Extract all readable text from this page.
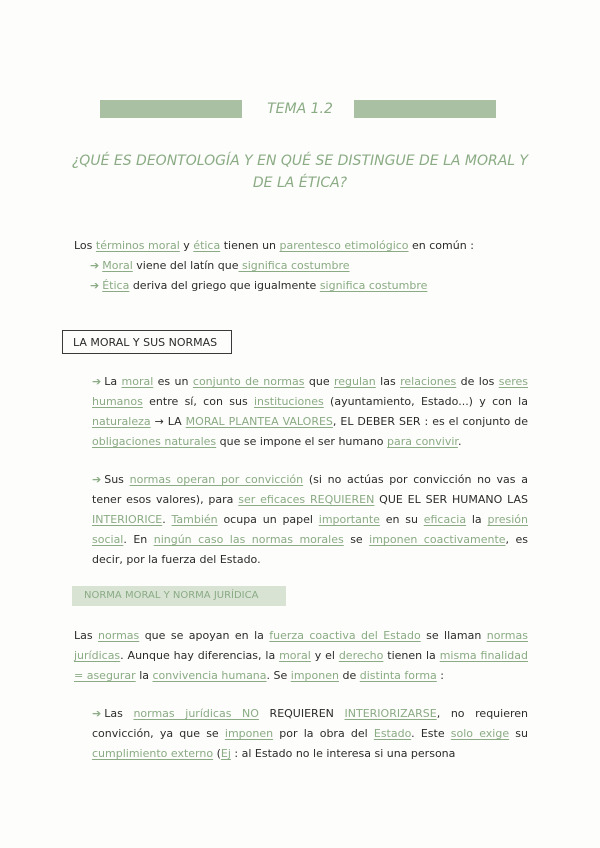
TEMA 1.2
¿QUÉ ES DEONTOLOGÍA Y EN QUÉ SE DISTINGUE DE LA MORAL Y DE LA ÉTICA?
Los términos moral y ética tienen un parentesco etimológico en común :
➔ Moral viene del latín que significa costumbre
➔ Ética deriva del griego que igualmente significa costumbre
LA MORAL Y SUS NORMAS
➔ La moral es un conjunto de normas que regulan las relaciones de los seres humanos entre sí, con sus instituciones (ayuntamiento, Estado...) y con la naturaleza → LA MORAL PLANTEA VALORES, EL DEBER SER : es el conjunto de obligaciones naturales que se impone el ser humano para convivir.
➔ Sus normas operan por convicción (si no actúas por convicción no vas a tener esos valores), para ser eficaces REQUIEREN QUE EL SER HUMANO LAS INTERIORICE. También ocupa un papel importante en su eficacia la presión social. En ningún caso las normas morales se imponen coactivamente, es decir, por la fuerza del Estado.
NORMA MORAL Y NORMA JURÍDICA
Las normas que se apoyan en la fuerza coactiva del Estado se llaman normas jurídicas. Aunque hay diferencias, la moral y el derecho tienen la misma finalidad = asegurar la convivencia humana. Se imponen de distinta forma :
➔ Las normas jurídicas NO REQUIEREN INTERIORIZARSE, no requieren convicción, ya que se imponen por la obra del Estado. Este solo exige su cumplimiento externo (Ej : al Estado no le interesa si una persona
